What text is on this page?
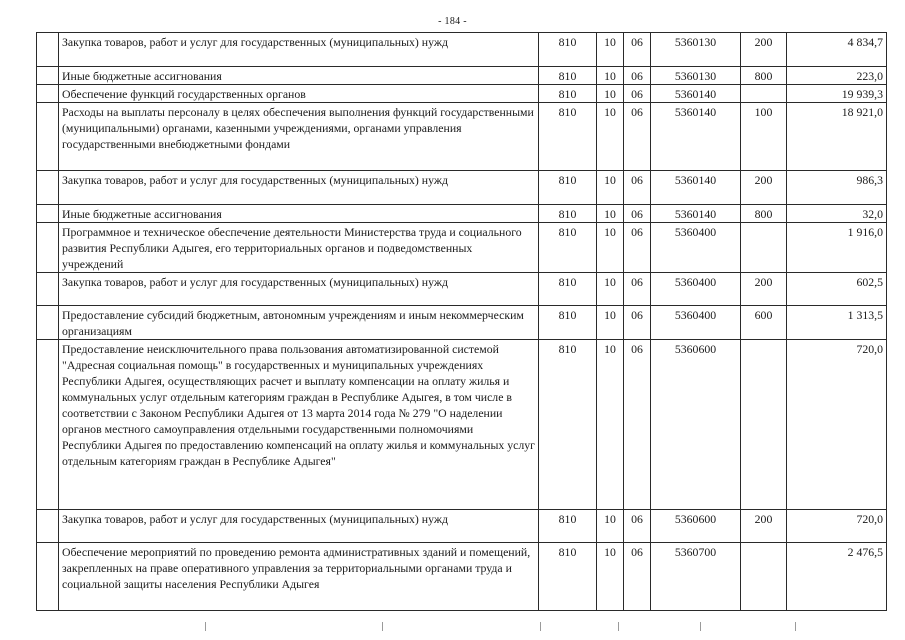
- 184 -
	Закупка товаров, работ и услуг для государственных (муниципальных) нужд	810	10	06	5360130	200	4 834,7
	Иные бюджетные ассигнования	810	10	06	5360130	800	223,0
	Обеспечение функций государственных органов	810	10	06	5360140		19 939,3
	Расходы на выплаты персоналу в целях обеспечения выполнения функций государственными (муниципальными) органами, казенными учреждениями, органами управления государственными внебюджетными фондами	810	10	06	5360140	100	18 921,0
	Закупка товаров, работ и услуг для государственных (муниципальных) нужд	810	10	06	5360140	200	986,3
	Иные бюджетные ассигнования	810	10	06	5360140	800	32,0
	Программное и техническое обеспечение деятельности Министерства труда и социального развития Республики Адыгея, его территориальных органов и подведомственных учреждений	810	10	06	5360400		1 916,0
	Закупка товаров, работ и услуг для государственных (муниципальных) нужд	810	10	06	5360400	200	602,5
	Предоставление субсидий бюджетным, автономным учреждениям и иным некоммерческим организациям	810	10	06	5360400	600	1 313,5
	Предоставление неисключительного права пользования автоматизированной системой "Адресная социальная помощь" в государственных и муниципальных учреждениях Республики Адыгея, осуществляющих расчет и выплату компенсации на оплату жилья и коммунальных услуг отдельным категориям граждан в Республике Адыгея, в том числе в соответствии с Законом Республики Адыгея от 13 марта 2014 года № 279 "О наделении органов местного самоуправления отдельными государственными полномочиями Республики Адыгея по предоставлению компенсаций на оплату жилья и коммунальных услуг отдельным категориям граждан в Республике Адыгея"	810	10	06	5360600		720,0
	Закупка товаров, работ и услуг для государственных (муниципальных) нужд	810	10	06	5360600	200	720,0
	Обеспечение мероприятий по проведению ремонта административных зданий и помещений, закрепленных на праве оперативного управления за территориальными органами труда и социальной защиты населения Республики Адыгея	810	10	06	5360700		2 476,5
